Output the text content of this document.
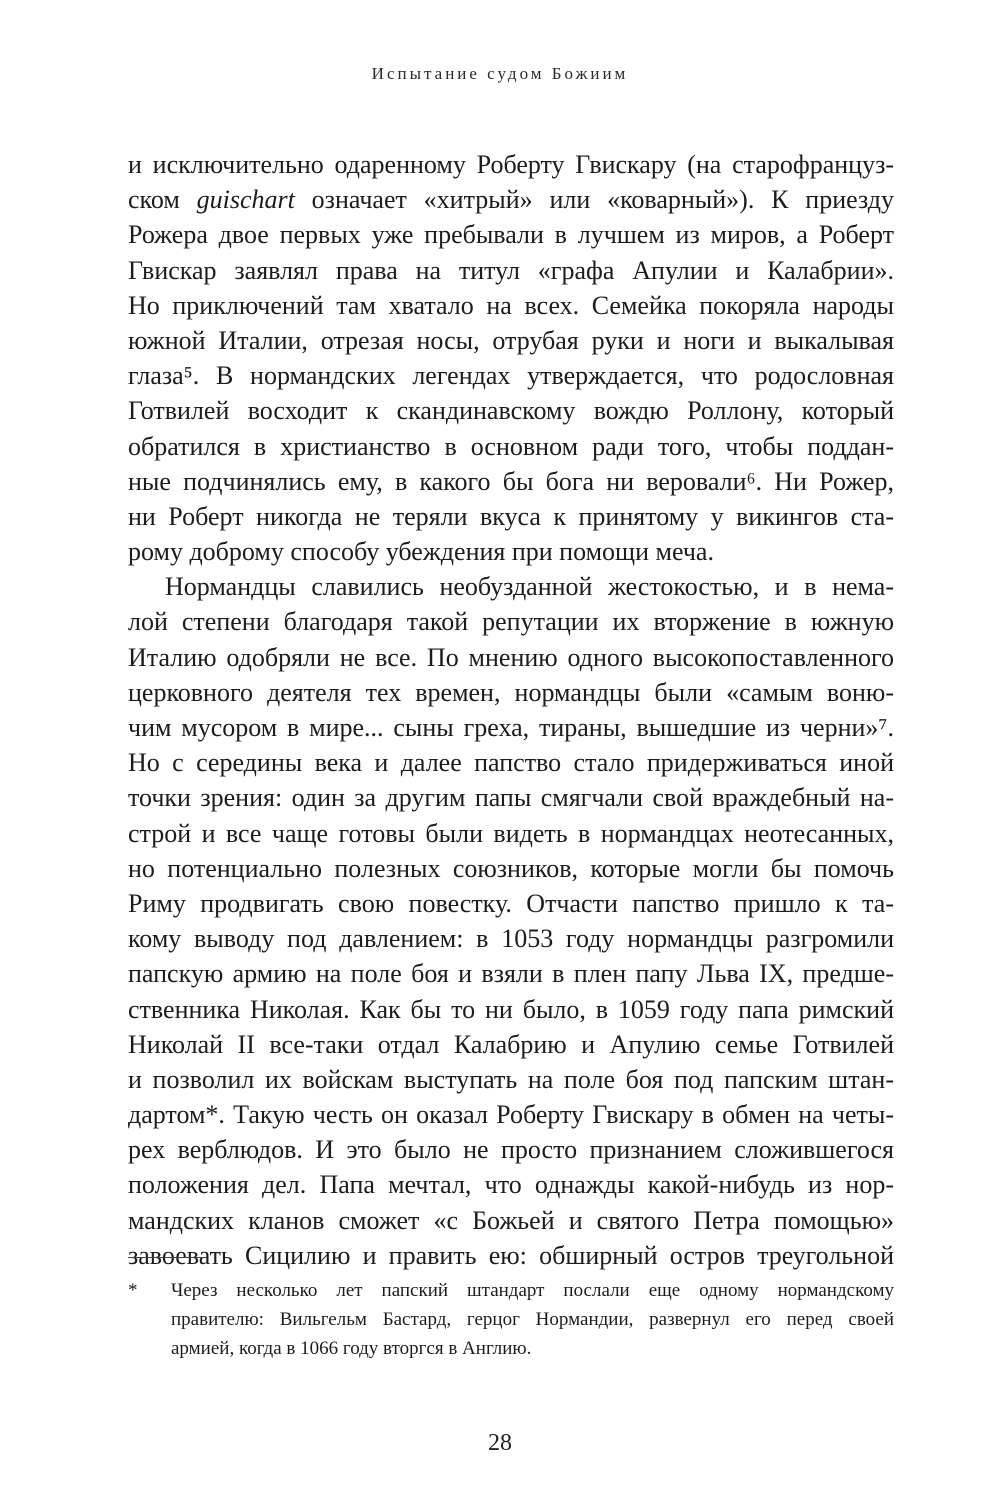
Испытание судом Божиим
и исключительно одаренному Роберту Гвискару (на старофранцуз-
ском guischart означает «хитрый» или «коварный»). К приезду
Рожера двое первых уже пребывали в лучшем из миров, а Роберт
Гвискар заявлял права на титул «графа Апулии и Калабрии».
Но приключений там хватало на всех. Семейка покоряла народы
южной Италии, отрезая носы, отрубая руки и ноги и выкалывая
глаза⁵. В нормандских легендах утверждается, что родословная
Готвилей восходит к скандинавскому вождю Роллону, который
обратился в христианство в основном ради того, чтобы поддан-
ные подчинялись ему, в какого бы бога ни веровали⁶. Ни Рожер,
ни Роберт никогда не теряли вкуса к принятому у викингов ста-
рому доброму способу убеждения при помощи меча.
Нормандцы славились необузданной жестокостью, и в нема-
лой степени благодаря такой репутации их вторжение в южную
Италию одобряли не все. По мнению одного высокопоставленного
церковного деятеля тех времен, нормандцы были «самым воню-
чим мусором в мире... сыны греха, тираны, вышедшие из черни»⁷.
Но с середины века и далее папство стало придерживаться иной
точки зрения: один за другим папы смягчали свой враждебный на-
строй и все чаще готовы были видеть в нормандцах неотесанных,
но потенциально полезных союзников, которые могли бы помочь
Риму продвигать свою повестку. Отчасти папство пришло к та-
кому выводу под давлением: в 1053 году нормандцы разгромили
папскую армию на поле боя и взяли в плен папу Льва IX, предше-
ственника Николая. Как бы то ни было, в 1059 году папа римский
Николай II все-таки отдал Калабрию и Апулию семье Готвилей
и позволил их войскам выступать на поле боя под папским штан-
дартом*. Такую честь он оказал Роберту Гвискару в обмен на четы-
рех верблюдов. И это было не просто признанием сложившегося
положения дел. Папа мечтал, что однажды какой-нибудь из нор-
мандских кланов сможет «с Божьей и святого Петра помощью»
завоевать Сицилию и править ею: обширный остров треугольной
* Через несколько лет папский штандарт послали еще одному нормандскому
правителю: Вильгельм Бастард, герцог Нормандии, развернул его перед своей
армией, когда в 1066 году вторгся в Англию.
28
